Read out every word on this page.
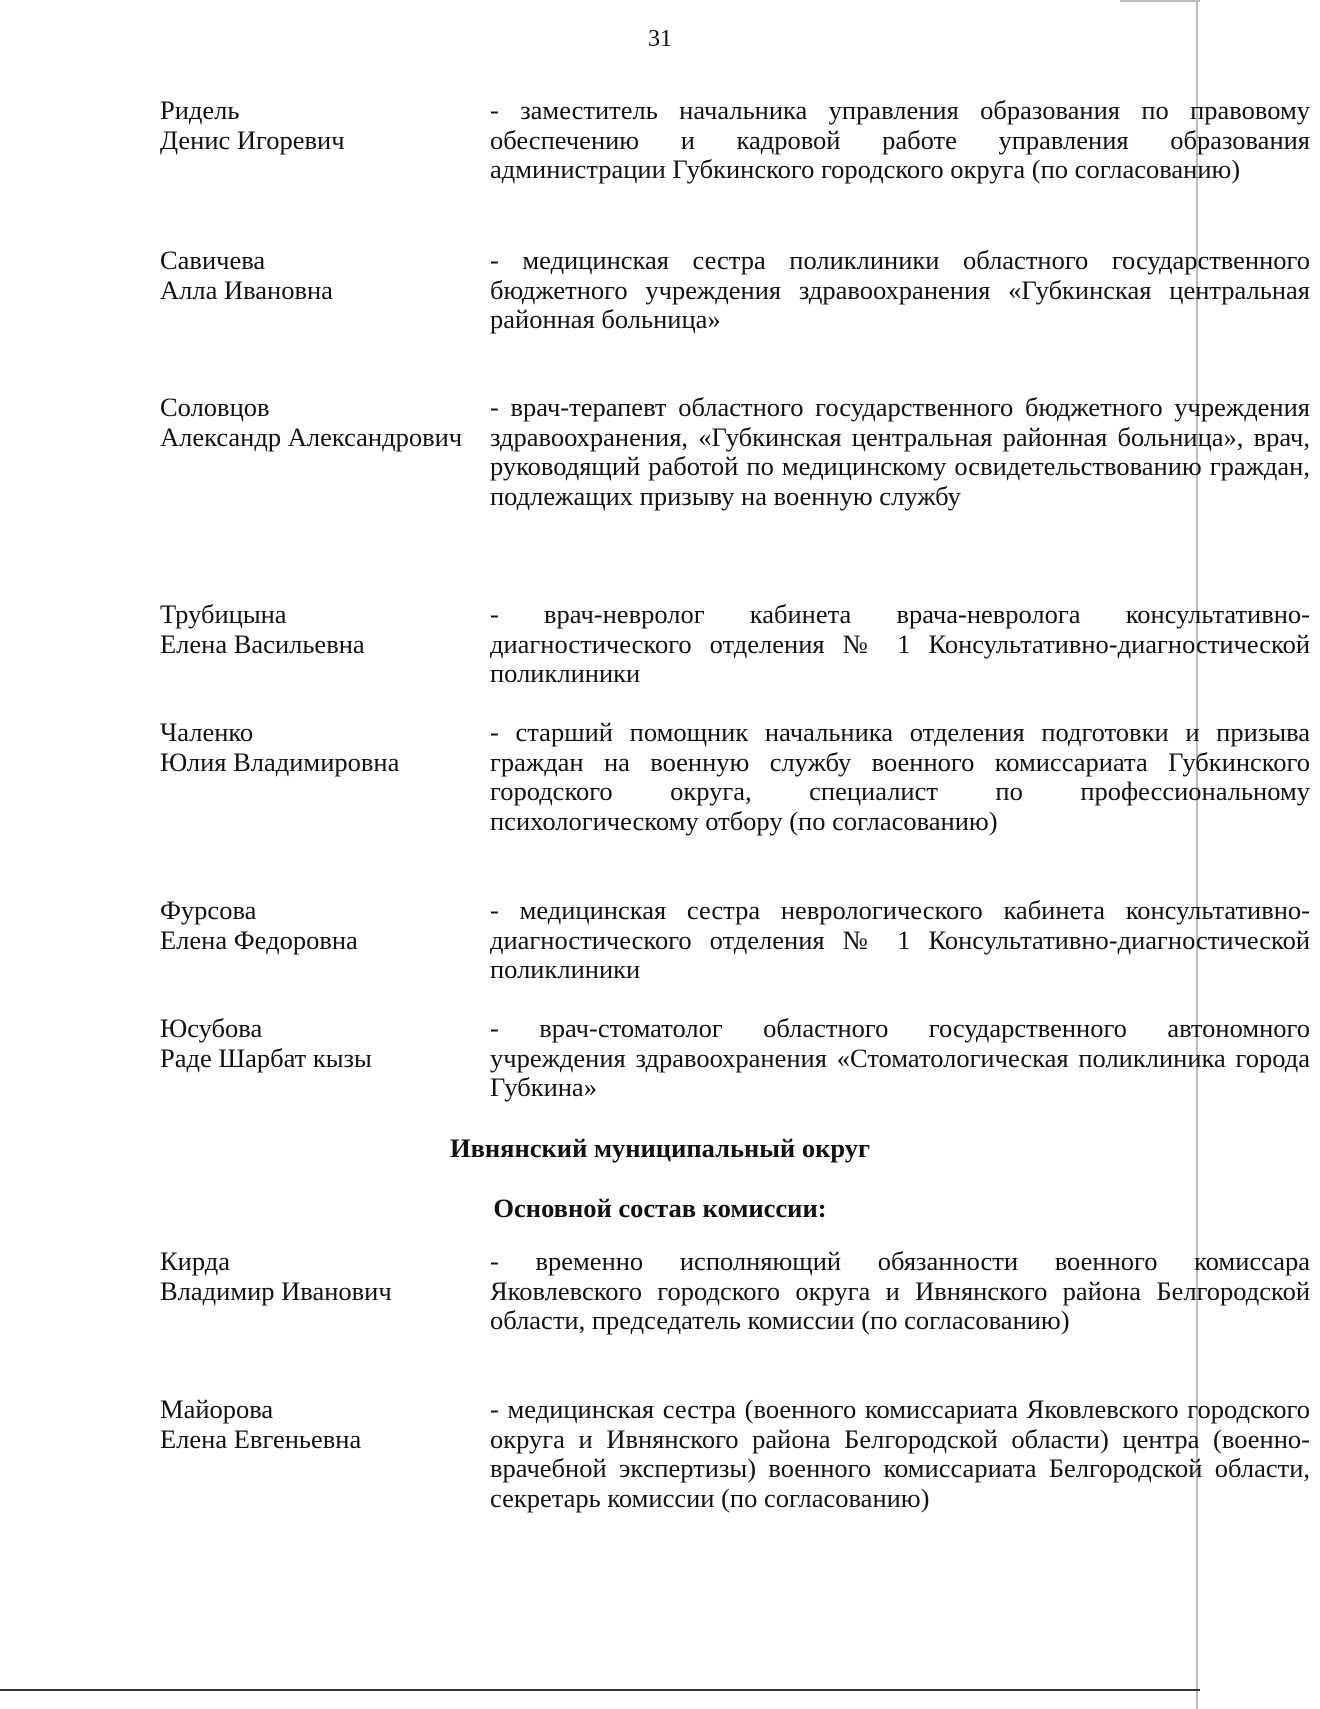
31
Ридель
Денис Игоревич
- заместитель начальника управления образования по правовому обеспечению и кадровой работе управления образования администрации Губкинского городского округа (по согласованию)
Савичева
Алла Ивановна
- медицинская сестра поликлиники областного государственного бюджетного учреждения здравоохранения «Губкинская центральная районная больница»
Соловцов
Александр Александрович
- врач-терапевт областного государственного бюджетного учреждения здравоохранения, «Губкинская центральная районная больница», врач, руководящий работой по медицинскому освидетельствованию граждан, подлежащих призыву на военную службу
Трубицына
Елена Васильевна
- врач-невролог кабинета врача-невролога консультативно-диагностического отделения № 1 Консультативно-диагностической поликлиники
Чаленко
Юлия Владимировна
- старший помощник начальника отделения подготовки и призыва граждан на военную службу военного комиссариата Губкинского городского округа, специалист по профессиональному психологическому отбору (по согласованию)
Фурсова
Елена Федоровна
- медицинская сестра неврологического кабинета консультативно-диагностического отделения № 1 Консультативно-диагностической поликлиники
Юсубова
Раде Шарбат кызы
- врач-стоматолог областного государственного автономного учреждения здравоохранения «Стоматологическая поликлиника города Губкина»
Ивнянский муниципальный округ
Основной состав комиссии:
Кирда
Владимир Иванович
- временно исполняющий обязанности военного комиссара Яковлевского городского округа и Ивнянского района Белгородской области, председатель комиссии (по согласованию)
Майорова
Елена Евгеньевна
- медицинская сестра (военного комиссариата Яковлевского городского округа и Ивнянского района Белгородской области) центра (военно-врачебной экспертизы) военного комиссариата Белгородской области, секретарь комиссии (по согласованию)
